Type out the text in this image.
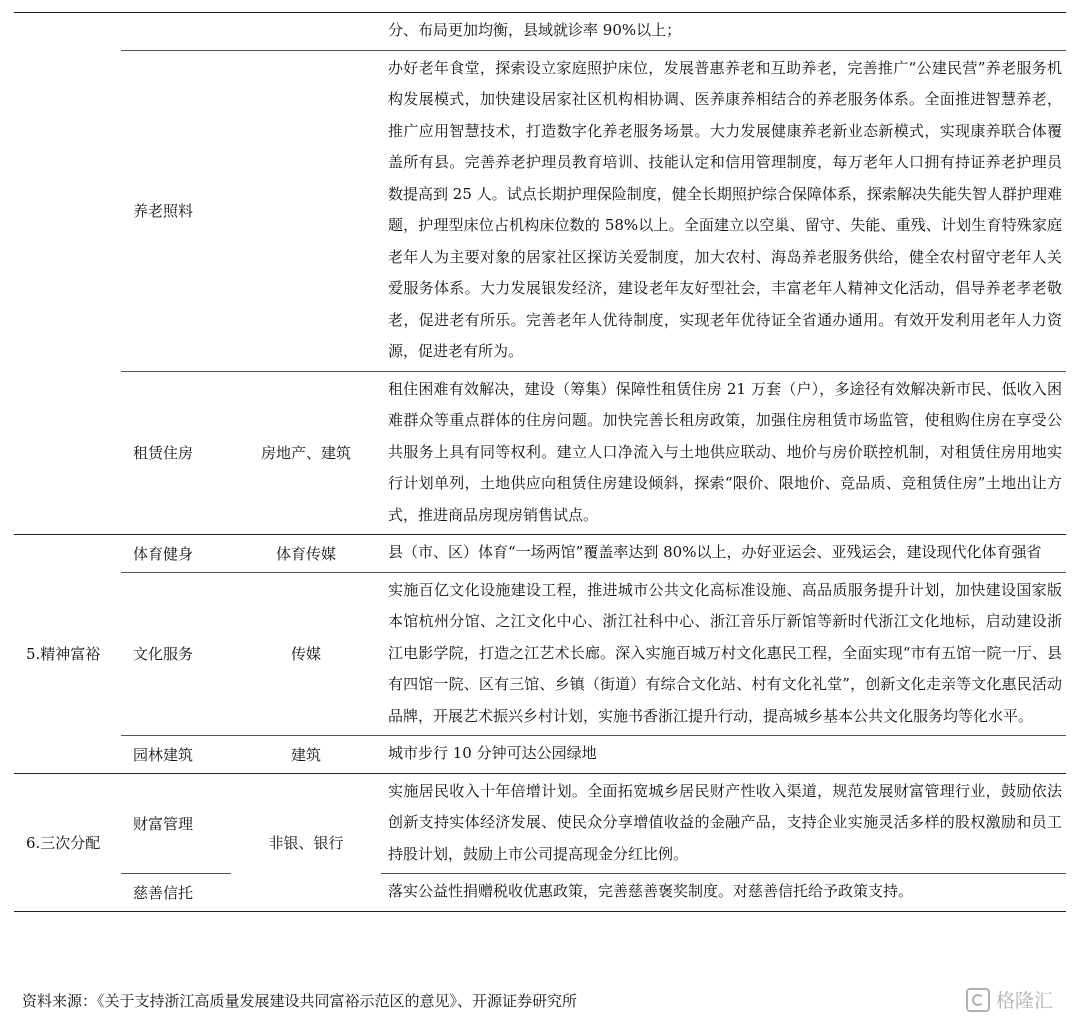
			分、布局更加均衡，县域就诊率 90%以上；
	养老照料		办好老年食堂，探索设立家庭照护床位，发展普惠养老和互助养老，完善推广“公建民营”养老服务机构发展模式，加快建设居家社区机构相协调、医养康养相结合的养老服务体系。全面推进智慧养老，推广应用智慧技术，打造数字化养老服务场景。大力发展健康养老新业态新模式，实现康养联合体覆盖所有县。完善养老护理员教育培训、技能认定和信用管理制度，每万老年人口拥有持证养老护理员数提高到 25 人。试点长期护理保险制度，健全长期照护综合保障体系，探索解决失能失智人群护理难题，护理型床位占机构床位数的 58%以上。全面建立以空巢、留守、失能、重残、计划生育特殊家庭老年人为主要对象的居家社区探访关爱制度，加大农村、海岛养老服务供给，健全农村留守老年人关爱服务体系。大力发展银发经济，建设老年友好型社会，丰富老年人精神文化活动，倡导养老孝老敬老，促进老有所乐。完善老年人优待制度，实现老年优待证全省通办通用。有效开发利用老年人力资源，促进老有所为。
	租赁住房	房地产、建筑	租住困难有效解决，建设（筹集）保障性租赁住房 21 万套（户），多途径有效解决新市民、低收入困难群众等重点群体的住房问题。加快完善长租房政策，加强住房租赁市场监管，使租购住房在享受公共服务上具有同等权利。建立人口净流入与土地供应联动、地价与房价联控机制，对租赁住房用地实行计划单列，土地供应向租赁住房建设倾斜，探索“限价、限地价、竞品质、竞租赁住房”土地出让方式，推进商品房现房销售试点。
5.精神富裕	体育健身	体育传媒	县（市、区）体育“一场两馆”覆盖率达到 80%以上，办好亚运会、亚残运会，建设现代化体育强省
	文化服务	传媒	实施百亿文化设施建设工程，推进城市公共文化高标准设施、高品质服务提升计划，加快建设国家版本馆杭州分馆、之江文化中心、浙江社科中心、浙江音乐厅新馆等新时代浙江文化地标，启动建设浙江电影学院，打造之江艺术长廊。深入实施百城万村文化惠民工程，全面实现“市有五馆一院一厅、县有四馆一院、区有三馆、乡镇（街道）有综合文化站、村有文化礼堂”，创新文化走亲等文化惠民活动品牌，开展艺术振兴乡村计划，实施书香浙江提升行动，提高城乡基本公共文化服务均等化水平。
	园林建筑	建筑	城市步行 10 分钟可达公园绿地
6.三次分配	财富管理	非银、银行	实施居民收入十年倍增计划。全面拓宽城乡居民财产性收入渠道，规范发展财富管理行业，鼓励依法创新支持实体经济发展、使民众分享增值收益的金融产品，支持企业实施灵活多样的股权激励和员工持股计划，鼓励上市公司提高现金分红比例。
	慈善信托		落实公益性捐赠税收优惠政策，完善慈善褒奖制度。对慈善信托给予政策支持。
资料来源：《关于支持浙江高质量发展建设共同富裕示范区的意见》、开源证券研究所	格隆汇
